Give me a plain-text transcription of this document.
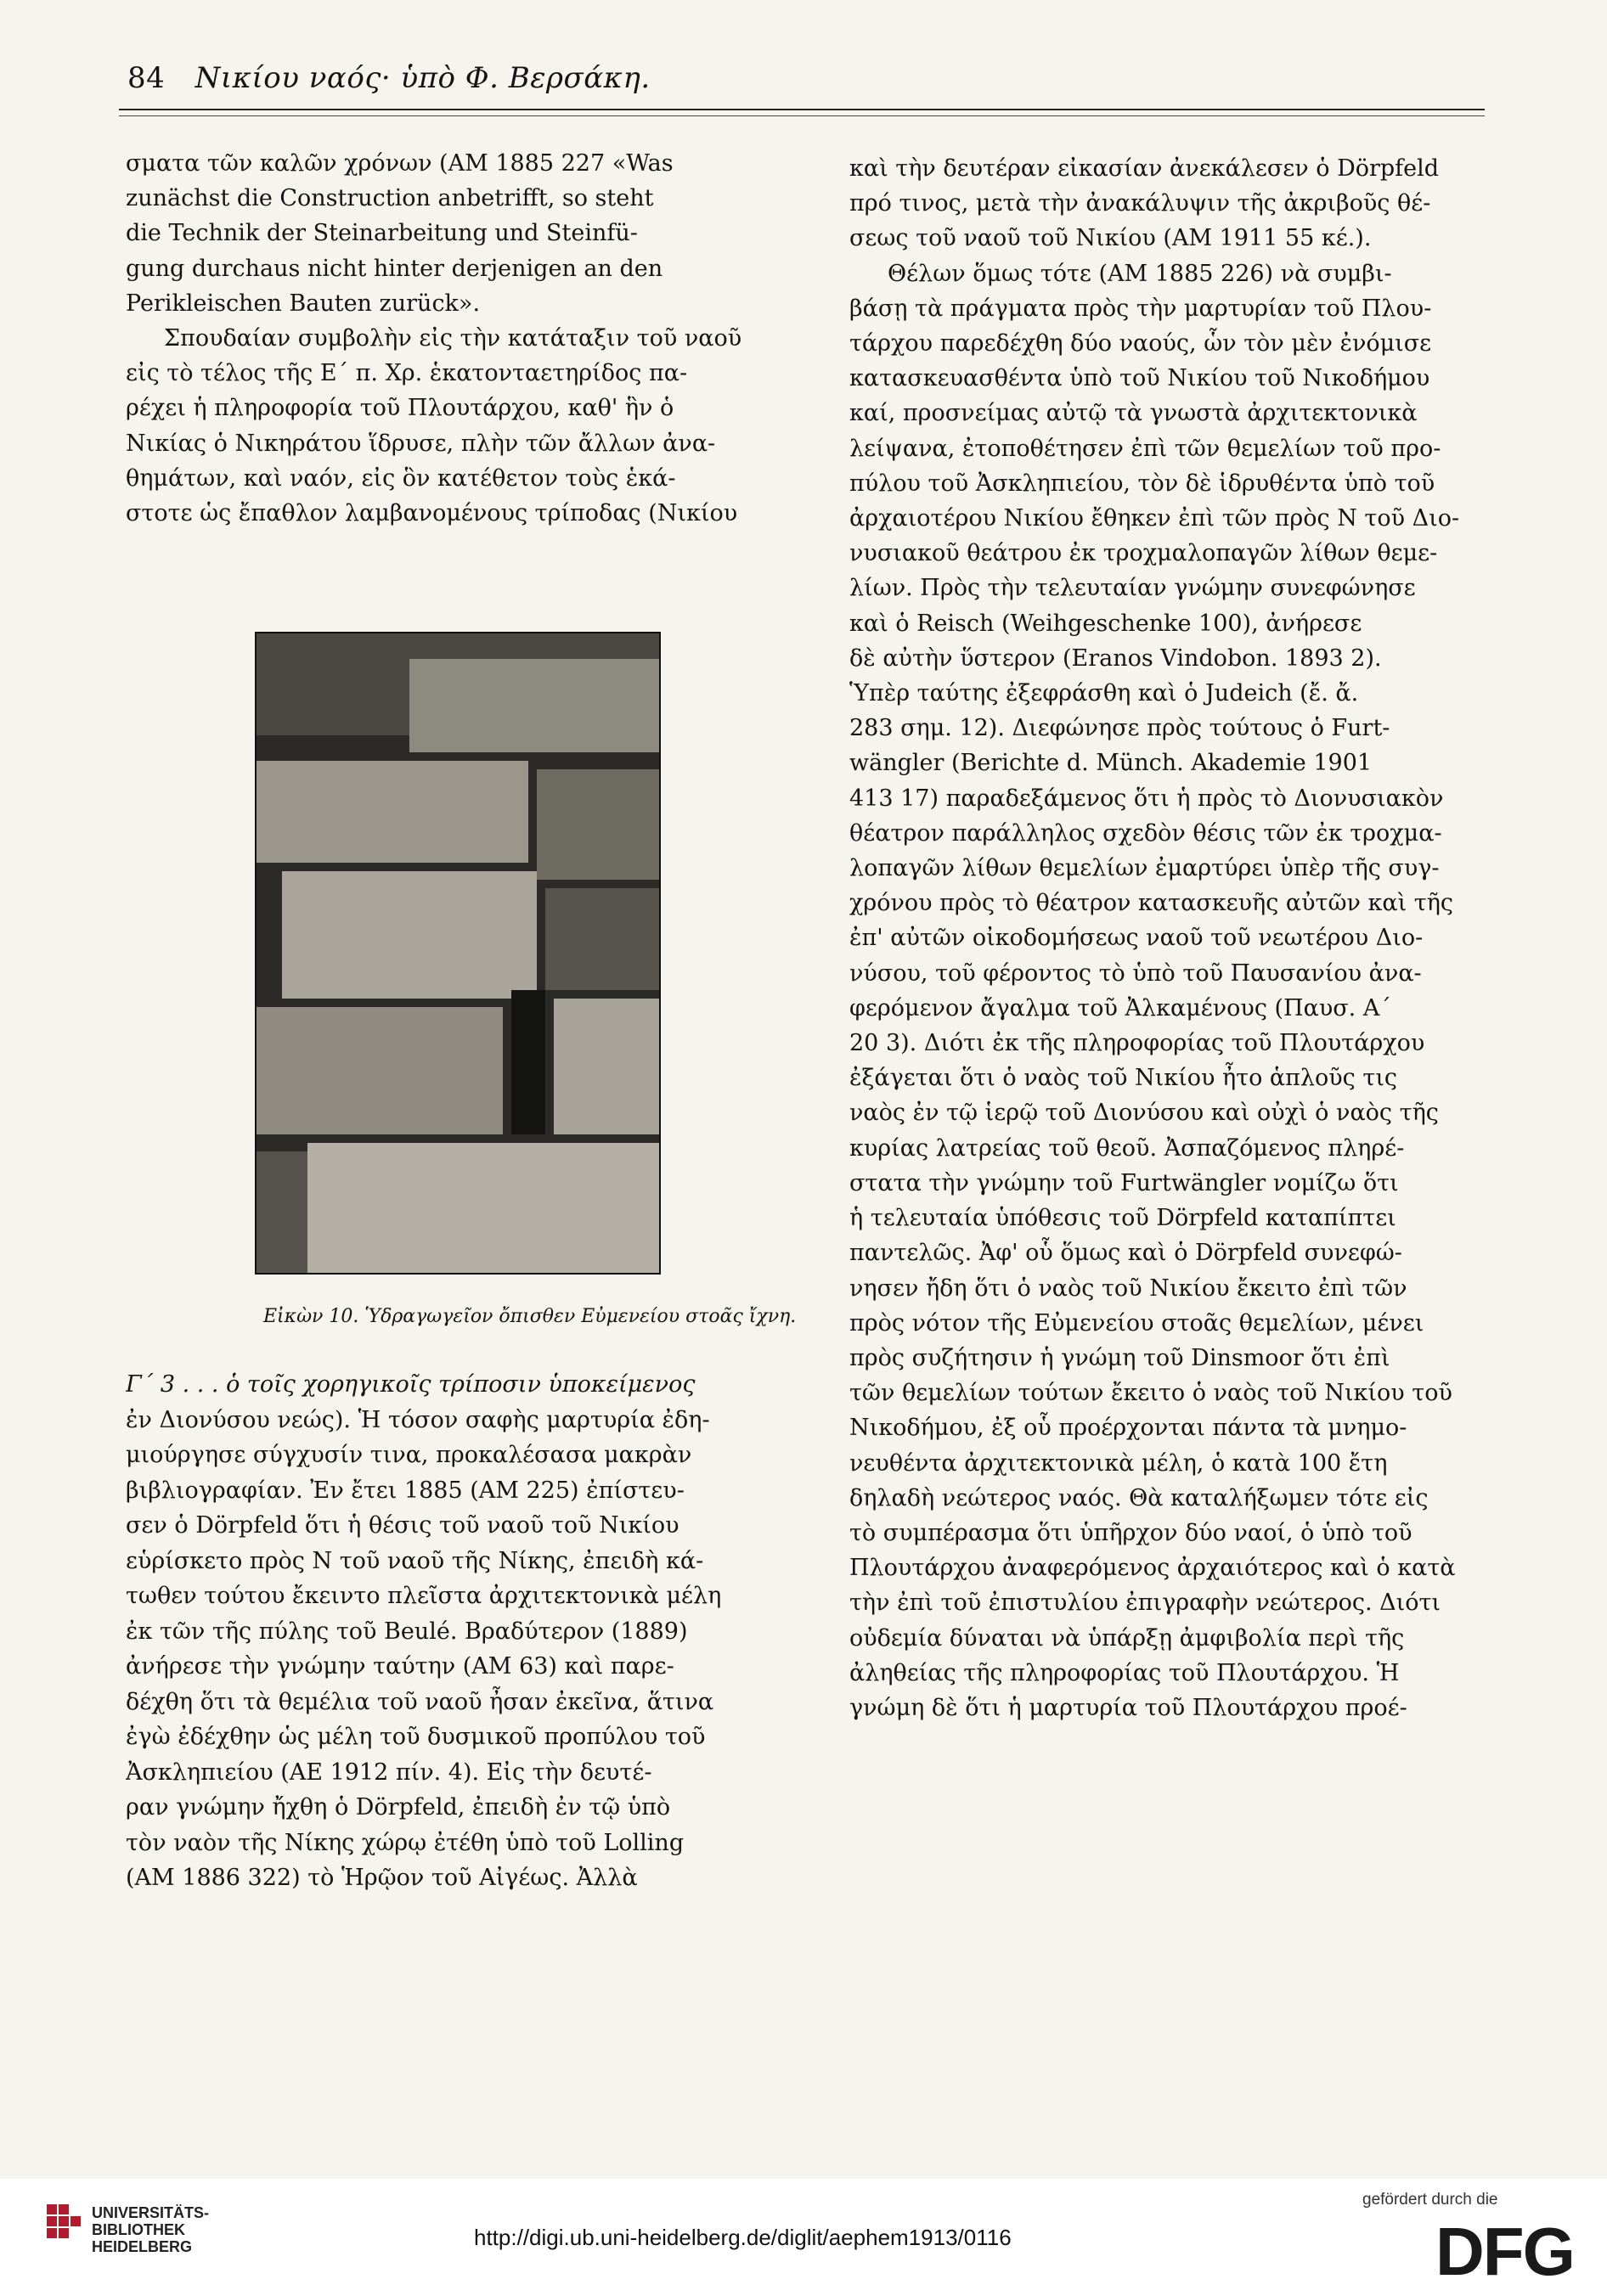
84 Νικίου ναός· ὑπὸ Φ. Βερσάκη.
σματα τῶν καλῶν χρόνων (ΑΜ 1885 227 «Was
zunächst die Construction anbetrifft, so steht
die Technik der Steinarbeitung und Steinfü-
gung durchaus nicht hinter derjenigen an den
Perikleischen Bauten zurück».
Σπουδαίαν συμβολὴν εἰς τὴν κατάταξιν τοῦ ναοῦ
εἰς τὸ τέλος τῆς Ε΄ π. Χρ. ἑκατονταετηρίδος πα-
ρέχει ἡ πληροφορία τοῦ Πλουτάρχου, καθ' ἣν ὁ
Νικίας ὁ Νικηράτου ἵδρυσε, πλὴν τῶν ἄλλων ἀνα-
θημάτων, καὶ ναόν, εἰς ὃν κατέθετον τοὺς ἑκά-
στοτε ὡς ἔπαθλον λαμβανομένους τρίποδας (Νικίου
Εἰκὼν 10. Ὑδραγωγεῖον ὄπισθεν Εὐμενείου στοᾶς ἴχνη.
Γ΄ 3 . . . ὁ τοῖς χορηγικοῖς τρίποσιν ὑποκείμενος
ἐν Διονύσου νεώς). Ἡ τόσον σαφὴς μαρτυρία ἐδη-
μιούργησε σύγχυσίν τινα, προκαλέσασα μακρὰν
βιβλιογραφίαν. Ἐν ἔτει 1885 (ΑΜ 225) ἐπίστευ-
σεν ὁ Dörpfeld ὅτι ἡ θέσις τοῦ ναοῦ τοῦ Νικίου
εὑρίσκετο πρὸς Ν τοῦ ναοῦ τῆς Νίκης, ἐπειδὴ κά-
τωθεν τούτου ἔκειντο πλεῖστα ἀρχιτεκτονικὰ μέλη
ἐκ τῶν τῆς πύλης τοῦ Beulé. Βραδύτερον (1889)
ἀνήρεσε τὴν γνώμην ταύτην (ΑΜ 63) καὶ παρε-
δέχθη ὅτι τὰ θεμέλια τοῦ ναοῦ ἦσαν ἐκεῖνα, ἅτινα
ἐγὼ ἐδέχθην ὡς μέλη τοῦ δυσμικοῦ προπύλου τοῦ
Ἀσκληπιείου (ΑΕ 1912 πίν. 4). Εἰς τὴν δευτέ-
ραν γνώμην ἤχθη ὁ Dörpfeld, ἐπειδὴ ἐν τῷ ὑπὸ
τὸν ναὸν τῆς Νίκης χώρῳ ἐτέθη ὑπὸ τοῦ Lolling
(ΑΜ 1886 322) τὸ Ἡρῷον τοῦ Αἰγέως. Ἀλλὰ
καὶ τὴν δευτέραν εἰκασίαν ἀνεκάλεσεν ὁ Dörpfeld
πρό τινος, μετὰ τὴν ἀνακάλυψιν τῆς ἀκριβοῦς θέ-
σεως τοῦ ναοῦ τοῦ Νικίου (ΑΜ 1911 55 κέ.).
Θέλων ὅμως τότε (ΑΜ 1885 226) νὰ συμβι-
βάσῃ τὰ πράγματα πρὸς τὴν μαρτυρίαν τοῦ Πλου-
τάρχου παρεδέχθη δύο ναούς, ὧν τὸν μὲν ἐνόμισε
κατασκευασθέντα ὑπὸ τοῦ Νικίου τοῦ Νικοδήμου
καί, προσνείμας αὐτῷ τὰ γνωστὰ ἀρχιτεκτονικὰ
λείψανα, ἐτοποθέτησεν ἐπὶ τῶν θεμελίων τοῦ προ-
πύλου τοῦ Ἀσκληπιείου, τὸν δὲ ἱδρυθέντα ὑπὸ τοῦ
ἀρχαιοτέρου Νικίου ἔθηκεν ἐπὶ τῶν πρὸς Ν τοῦ Διο-
νυσιακοῦ θεάτρου ἐκ τροχμαλοπαγῶν λίθων θεμε-
λίων. Πρὸς τὴν τελευταίαν γνώμην συνεφώνησε
καὶ ὁ Reisch (Weihgeschenke 100), ἀνήρεσε
δὲ αὐτὴν ὕστερον (Eranos Vindobon. 1893 2).
Ὑπὲρ ταύτης ἐξεφράσθη καὶ ὁ Judeich (ἔ. ἄ.
283 σημ. 12). Διεφώνησε πρὸς τούτους ὁ Furt-
wängler (Berichte d. Münch. Akademie 1901
413 17) παραδεξάμενος ὅτι ἡ πρὸς τὸ Διονυσιακὸν
θέατρον παράλληλος σχεδὸν θέσις τῶν ἐκ τροχμα-
λοπαγῶν λίθων θεμελίων ἐμαρτύρει ὑπὲρ τῆς συγ-
χρόνου πρὸς τὸ θέατρον κατασκευῆς αὐτῶν καὶ τῆς
ἐπ' αὐτῶν οἰκοδομήσεως ναοῦ τοῦ νεωτέρου Διο-
νύσου, τοῦ φέροντος τὸ ὑπὸ τοῦ Παυσανίου ἀνα-
φερόμενον ἄγαλμα τοῦ Ἀλκαμένους (Παυσ. Α΄
20 3). Διότι ἐκ τῆς πληροφορίας τοῦ Πλουτάρχου
ἐξάγεται ὅτι ὁ ναὸς τοῦ Νικίου ἦτο ἁπλοῦς τις
ναὸς ἐν τῷ ἱερῷ τοῦ Διονύσου καὶ οὐχὶ ὁ ναὸς τῆς
κυρίας λατρείας τοῦ θεοῦ. Ἀσπαζόμενος πληρέ-
στατα τὴν γνώμην τοῦ Furtwängler νομίζω ὅτι
ἡ τελευταία ὑπόθεσις τοῦ Dörpfeld καταπίπτει
παντελῶς. Ἀφ' οὗ ὅμως καὶ ὁ Dörpfeld συνεφώ-
νησεν ἤδη ὅτι ὁ ναὸς τοῦ Νικίου ἔκειτο ἐπὶ τῶν
πρὸς νότον τῆς Εὐμενείου στοᾶς θεμελίων, μένει
πρὸς συζήτησιν ἡ γνώμη τοῦ Dinsmoor ὅτι ἐπὶ
τῶν θεμελίων τούτων ἔκειτο ὁ ναὸς τοῦ Νικίου τοῦ
Νικοδήμου, ἐξ οὗ προέρχονται πάντα τὰ μνημο-
νευθέντα ἀρχιτεκτονικὰ μέλη, ὁ κατὰ 100 ἔτη
δηλαδὴ νεώτερος ναός. Θὰ καταλήξωμεν τότε εἰς
τὸ συμπέρασμα ὅτι ὑπῆρχον δύο ναοί, ὁ ὑπὸ τοῦ
Πλουτάρχου ἀναφερόμενος ἀρχαιότερος καὶ ὁ κατὰ
τὴν ἐπὶ τοῦ ἐπιστυλίου ἐπιγραφὴν νεώτερος. Διότι
οὐδεμία δύναται νὰ ὑπάρξῃ ἀμφιβολία περὶ τῆς
ἀληθείας τῆς πληροφορίας τοῦ Πλουτάρχου. Ἡ
γνώμη δὲ ὅτι ἡ μαρτυρία τοῦ Πλουτάρχου προέ-
UNIVERSITÄTS-
BIBLIOTHEK
HEIDELBERG	http://digi.ub.uni-heidelberg.de/diglit/aephem1913/0116
gefördert durch die
DFG
